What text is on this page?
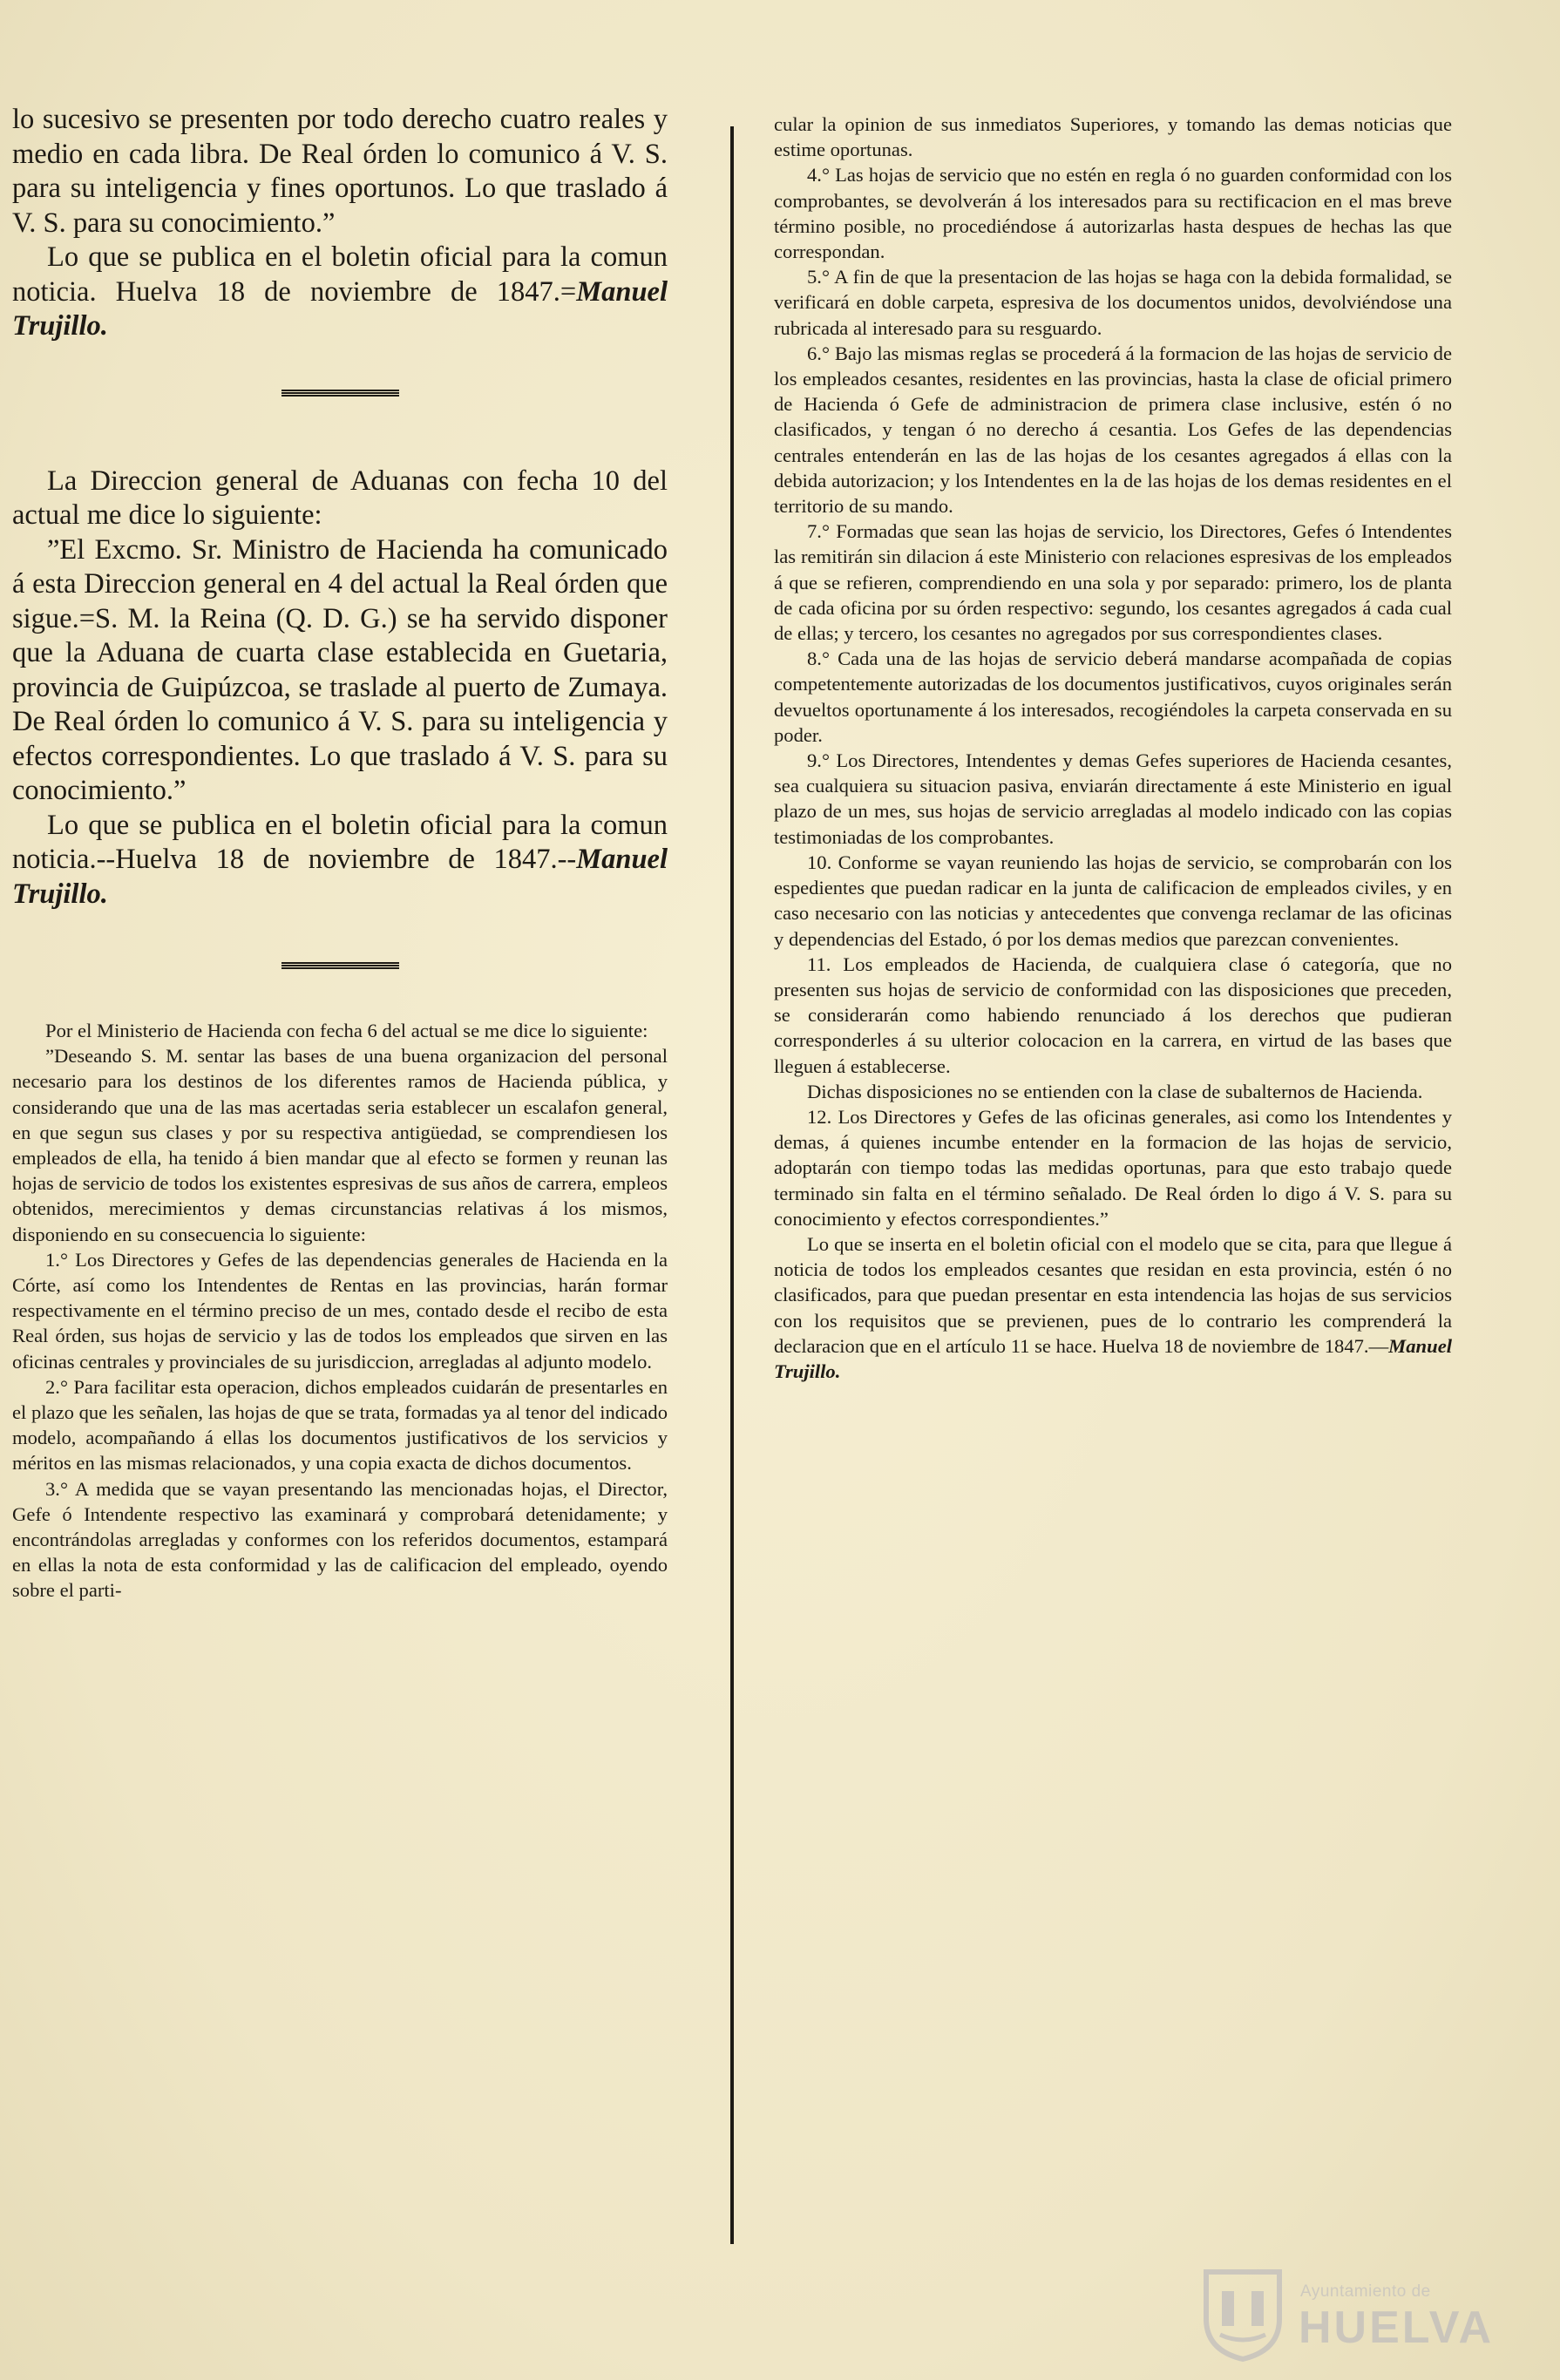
lo sucesivo se presenten por todo derecho cuatro reales y medio en cada libra. De Real órden lo comunico á V. S. para su inteligencia y fines oportunos. Lo que traslado á V. S. para su conocimiento.”

Lo que se publica en el boletin oficial para la comun noticia. Huelva 18 de noviembre de 1847.=Manuel Trujillo.

La Direccion general de Aduanas con fecha 10 del actual me dice lo siguiente:

”El Excmo. Sr. Ministro de Hacienda ha comunicado á esta Direccion general en 4 del actual la Real órden que sigue.=S. M. la Reina (Q. D. G.) se ha servido disponer que la Aduana de cuarta clase establecida en Guetaria, provincia de Guipúzcoa, se traslade al puerto de Zumaya. De Real órden lo comunico á V. S. para su inteligencia y efectos correspondientes. Lo que traslado á V. S. para su conocimiento.”

Lo que se publica en el boletin oficial para la comun noticia.--Huelva 18 de noviembre de 1847.--Manuel Trujillo.

Por el Ministerio de Hacienda con fecha 6 del actual se me dice lo siguiente:

”Deseando S. M. sentar las bases de una buena organizacion del personal necesario para los destinos de los diferentes ramos de Hacienda pública, y considerando que una de las mas acertadas seria establecer un escalafon general, en que segun sus clases y por su respectiva antigüedad, se comprendiesen los empleados de ella, ha tenido á bien mandar que al efecto se formen y reunan las hojas de servicio de todos los existentes espresivas de sus años de carrera, empleos obtenidos, merecimientos y demas circunstancias relativas á los mismos, disponiendo en su consecuencia lo siguiente:

1.° Los Directores y Gefes de las dependencias generales de Hacienda en la Córte, así como los Intendentes de Rentas en las provincias, harán formar respectivamente en el término preciso de un mes, contado desde el recibo de esta Real órden, sus hojas de servicio y las de todos los empleados que sirven en las oficinas centrales y provinciales de su jurisdiccion, arregladas al adjunto modelo.

2.° Para facilitar esta operacion, dichos empleados cuidarán de presentarles en el plazo que les señalen, las hojas de que se trata, formadas ya al tenor del indicado modelo, acompañando á ellas los documentos justificativos de los servicios y méritos en las mismas relacionados, y una copia exacta de dichos documentos.

3.° A medida que se vayan presentando las mencionadas hojas, el Director, Gefe ó Intendente respectivo las examinará y comprobará detenidamente; y encontrándolas arregladas y conformes con los referidos documentos, estampará en ellas la nota de esta conformidad y las de calificacion del empleado, oyendo sobre el parti-

cular la opinion de sus inmediatos Superiores, y tomando las demas noticias que estime oportunas.

4.° Las hojas de servicio que no estén en regla ó no guarden conformidad con los comprobantes, se devolverán á los interesados para su rectificacion en el mas breve término posible, no procediéndose á autorizarlas hasta despues de hechas las que correspondan.

5.° A fin de que la presentacion de las hojas se haga con la debida formalidad, se verificará en doble carpeta, espresiva de los documentos unidos, devolviéndose una rubricada al interesado para su resguardo.

6.° Bajo las mismas reglas se procederá á la formacion de las hojas de servicio de los empleados cesantes, residentes en las provincias, hasta la clase de oficial primero de Hacienda ó Gefe de administracion de primera clase inclusive, estén ó no clasificados, y tengan ó no derecho á cesantia. Los Gefes de las dependencias centrales entenderán en las de las hojas de los cesantes agregados á ellas con la debida autorizacion; y los Intendentes en la de las hojas de los demas residentes en el territorio de su mando.

7.° Formadas que sean las hojas de servicio, los Directores, Gefes ó Intendentes las remitirán sin dilacion á este Ministerio con relaciones espresivas de los empleados á que se refieren, comprendiendo en una sola y por separado: primero, los de planta de cada oficina por su órden respectivo: segundo, los cesantes agregados á cada cual de ellas; y tercero, los cesantes no agregados por sus correspondientes clases.

8.° Cada una de las hojas de servicio deberá mandarse acompañada de copias competentemente autorizadas de los documentos justificativos, cuyos originales serán devueltos oportunamente á los interesados, recogiéndoles la carpeta conservada en su poder.

9.° Los Directores, Intendentes y demas Gefes superiores de Hacienda cesantes, sea cualquiera su situacion pasiva, enviarán directamente á este Ministerio en igual plazo de un mes, sus hojas de servicio arregladas al modelo indicado con las copias testimoniadas de los comprobantes.

10. Conforme se vayan reuniendo las hojas de servicio, se comprobarán con los espedientes que puedan radicar en la junta de calificacion de empleados civiles, y en caso necesario con las noticias y antecedentes que convenga reclamar de las oficinas y dependencias del Estado, ó por los demas medios que parezcan convenientes.

11. Los empleados de Hacienda, de cualquiera clase ó categoría, que no presenten sus hojas de servicio de conformidad con las disposiciones que preceden, se considerarán como habiendo renunciado á los derechos que pudieran corresponderles á su ulterior colocacion en la carrera, en virtud de las bases que lleguen á establecerse.

Dichas disposiciones no se entienden con la clase de subalternos de Hacienda.

12. Los Directores y Gefes de las oficinas generales, asi como los Intendentes y demas, á quienes incumbe entender en la formacion de las hojas de servicio, adoptarán con tiempo todas las medidas oportunas, para que esto trabajo quede terminado sin falta en el término señalado. De Real órden lo digo á V. S. para su conocimiento y efectos correspondientes.”

Lo que se inserta en el boletin oficial con el modelo que se cita, para que llegue á noticia de todos los empleados cesantes que residan en esta provincia, estén ó no clasificados, para que puedan presentar en esta intendencia las hojas de sus servicios con los requisitos que se previenen, pues de lo contrario les comprenderá la declaracion que en el artículo 11 se hace. Huelva 18 de noviembre de 1847.—Manuel Trujillo.

Ayuntamiento de
HUELVA
